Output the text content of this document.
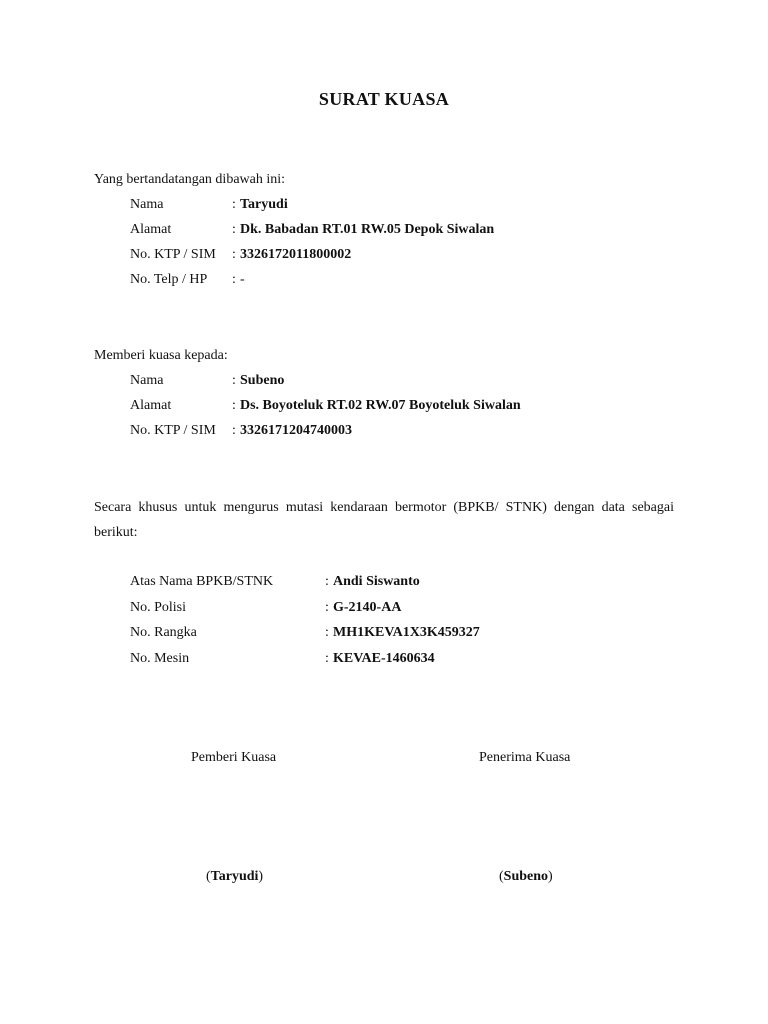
SURAT KUASA
Yang bertandatangan dibawah ini:
Nama	: Taryudi
Alamat	: Dk. Babadan RT.01 RW.05 Depok Siwalan
No. KTP / SIM : 3326172011800002
No. Telp / HP : -
Memberi kuasa kepada:
Nama	: Subeno
Alamat	: Ds. Boyoteluk RT.02 RW.07 Boyoteluk Siwalan
No. KTP / SIM : 3326171204740003
Secara khusus untuk mengurus mutasi kendaraan bermotor (BPKB/ STNK) dengan data sebagai berikut:
Atas Nama BPKB/STNK	: Andi Siswanto
No. Polisi	: G-2140-AA
No. Rangka	: MH1KEVA1X3K459327
No. Mesin	: KEVAE-1460634
Pemberi Kuasa	Penerima Kuasa
(Taryudi)	(Subeno)
